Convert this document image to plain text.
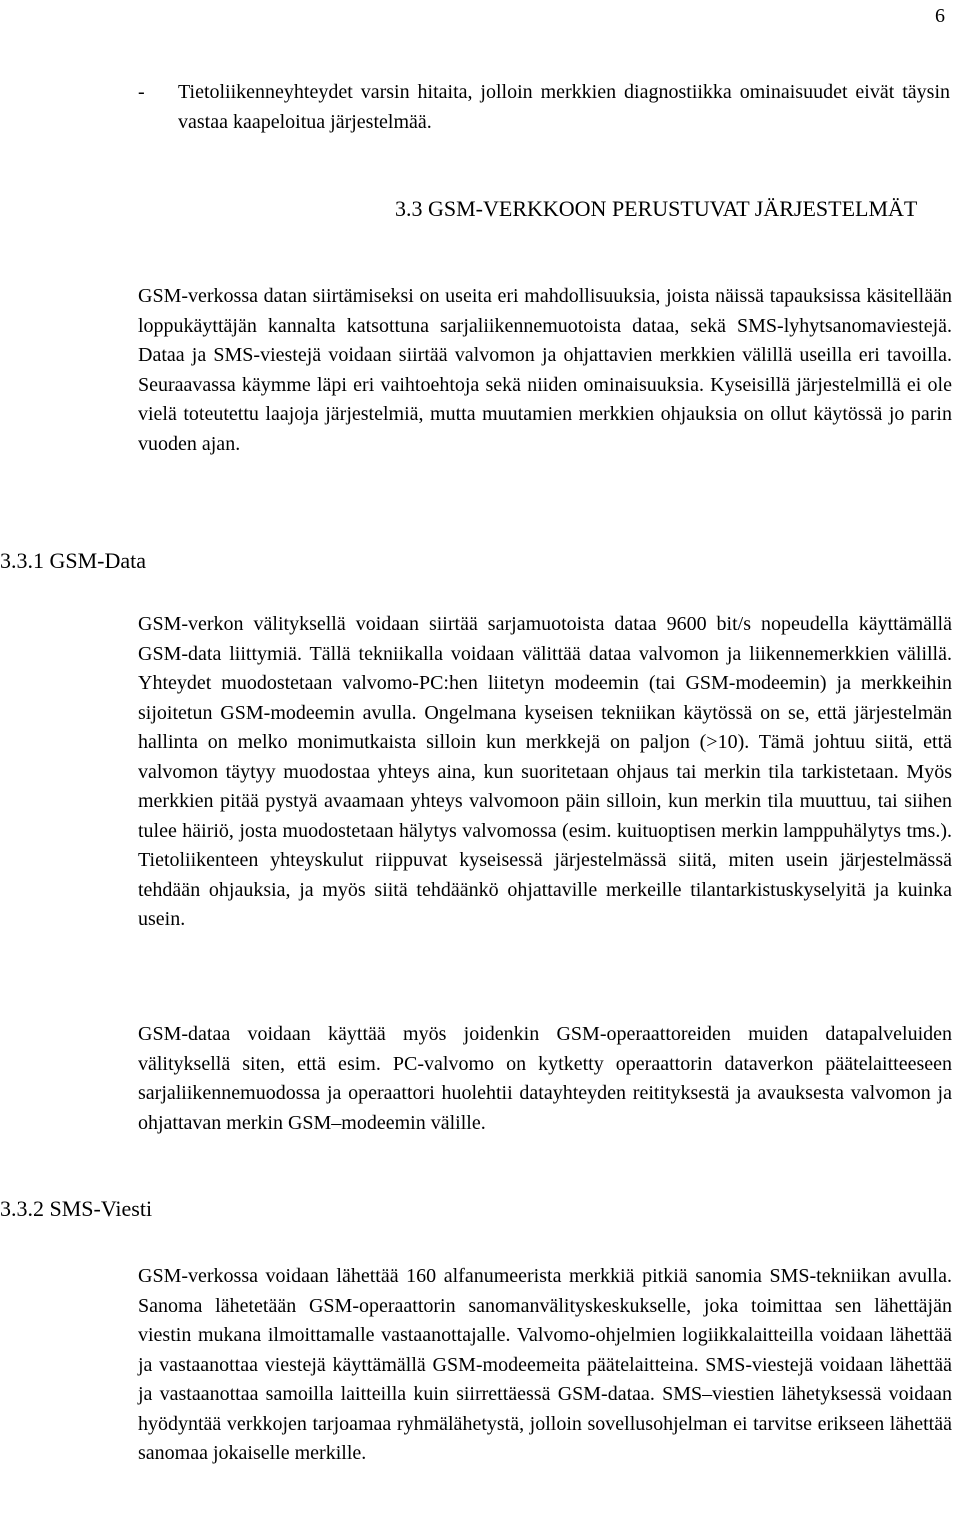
6
- Tietoliikenneyhteydet varsin hitaita, jolloin merkkien diagnostiikka ominaisuudet eivät täysin vastaa kaapeloitua järjestelmää.
3.3 GSM-VERKKOON PERUSTUVAT JÄRJESTELMÄT

GSM-verkossa datan siirtämiseksi on useita eri mahdollisuuksia, joista näissä tapauksissa käsitellään loppukäyttäjän kannalta katsottuna sarjaliikennemuotoista dataa, sekä SMS-lyhytsanomaviestejä. Dataa ja SMS-viestejä voidaan siirtää valvomon ja ohjattavien merkkien välillä useilla eri tavoilla. Seuraavassa käymme läpi eri vaihtoehtoja sekä niiden ominaisuuksia. Kyseisillä järjestelmillä ei ole vielä toteutettu laajoja järjestelmiä, mutta muutamien merkkien ohjauksia on ollut käytössä jo parin vuoden ajan.

3.3.1 GSM-Data

GSM-verkon välityksellä voidaan siirtää sarjamuotoista dataa 9600 bit/s nopeudella käyttämällä GSM-data liittymiä. Tällä tekniikalla voidaan välittää dataa valvomon ja liikennemerkkien välillä. Yhteydet muodostetaan valvomo-PC:hen liitetyn modeemin (tai GSM-modeemin) ja merkkeihin sijoitetun GSM-modeemin avulla. Ongelmana kyseisen tekniikan käytössä on se, että järjestelmän hallinta on melko monimutkaista silloin kun merkkejä on paljon (>10). Tämä johtuu siitä, että valvomon täytyy muodostaa yhteys aina, kun suoritetaan ohjaus tai merkin tila tarkistetaan. Myös merkkien pitää pystyä avaamaan yhteys valvomoon päin silloin, kun merkin tila muuttuu, tai siihen tulee häiriö, josta muodostetaan hälytys valvomossa (esim. kuituoptisen merkin lamppuhälytys tms.). Tietoliikenteen yhteyskulut riippuvat kyseisessä järjestelmässä siitä, miten usein järjestelmässä tehdään ohjauksia, ja myös siitä tehdäänkö ohjattaville merkeille tilantarkistuskyselyitä ja kuinka usein.

GSM-dataa voidaan käyttää myös joidenkin GSM-operaattoreiden muiden datapalveluiden välityksellä siten, että esim. PC-valvomo on kytketty operaattorin dataverkon päätelaitteeseen sarjaliikennemuodossa ja operaattori huolehtii datayhteyden reitityksestä ja avauksesta valvomon ja ohjattavan merkin GSM–modeemin välille.

3.3.2 SMS-Viesti

GSM-verkossa voidaan lähettää 160 alfanumeerista merkkiä pitkiä sanomia SMS-tekniikan avulla. Sanoma lähetetään GSM-operaattorin sanomanvälityskeskukselle, joka toimittaa sen lähettäjän viestin mukana ilmoittamalle vastaanottajalle. Valvomo-ohjelmien logiikkalaitteilla voidaan lähettää ja vastaanottaa viestejä käyttämällä GSM-modeemeita päätelaitteina. SMS-viestejä voidaan lähettää ja vastaanottaa samoilla laitteilla kuin siirrettäessä GSM-dataa. SMS–viestien lähetyksessä voidaan hyödyntää verkkojen tarjoamaa ryhmälähetystä, jolloin sovellusohjelman ei tarvitse erikseen lähettää sanomaa jokaiselle merkille.
